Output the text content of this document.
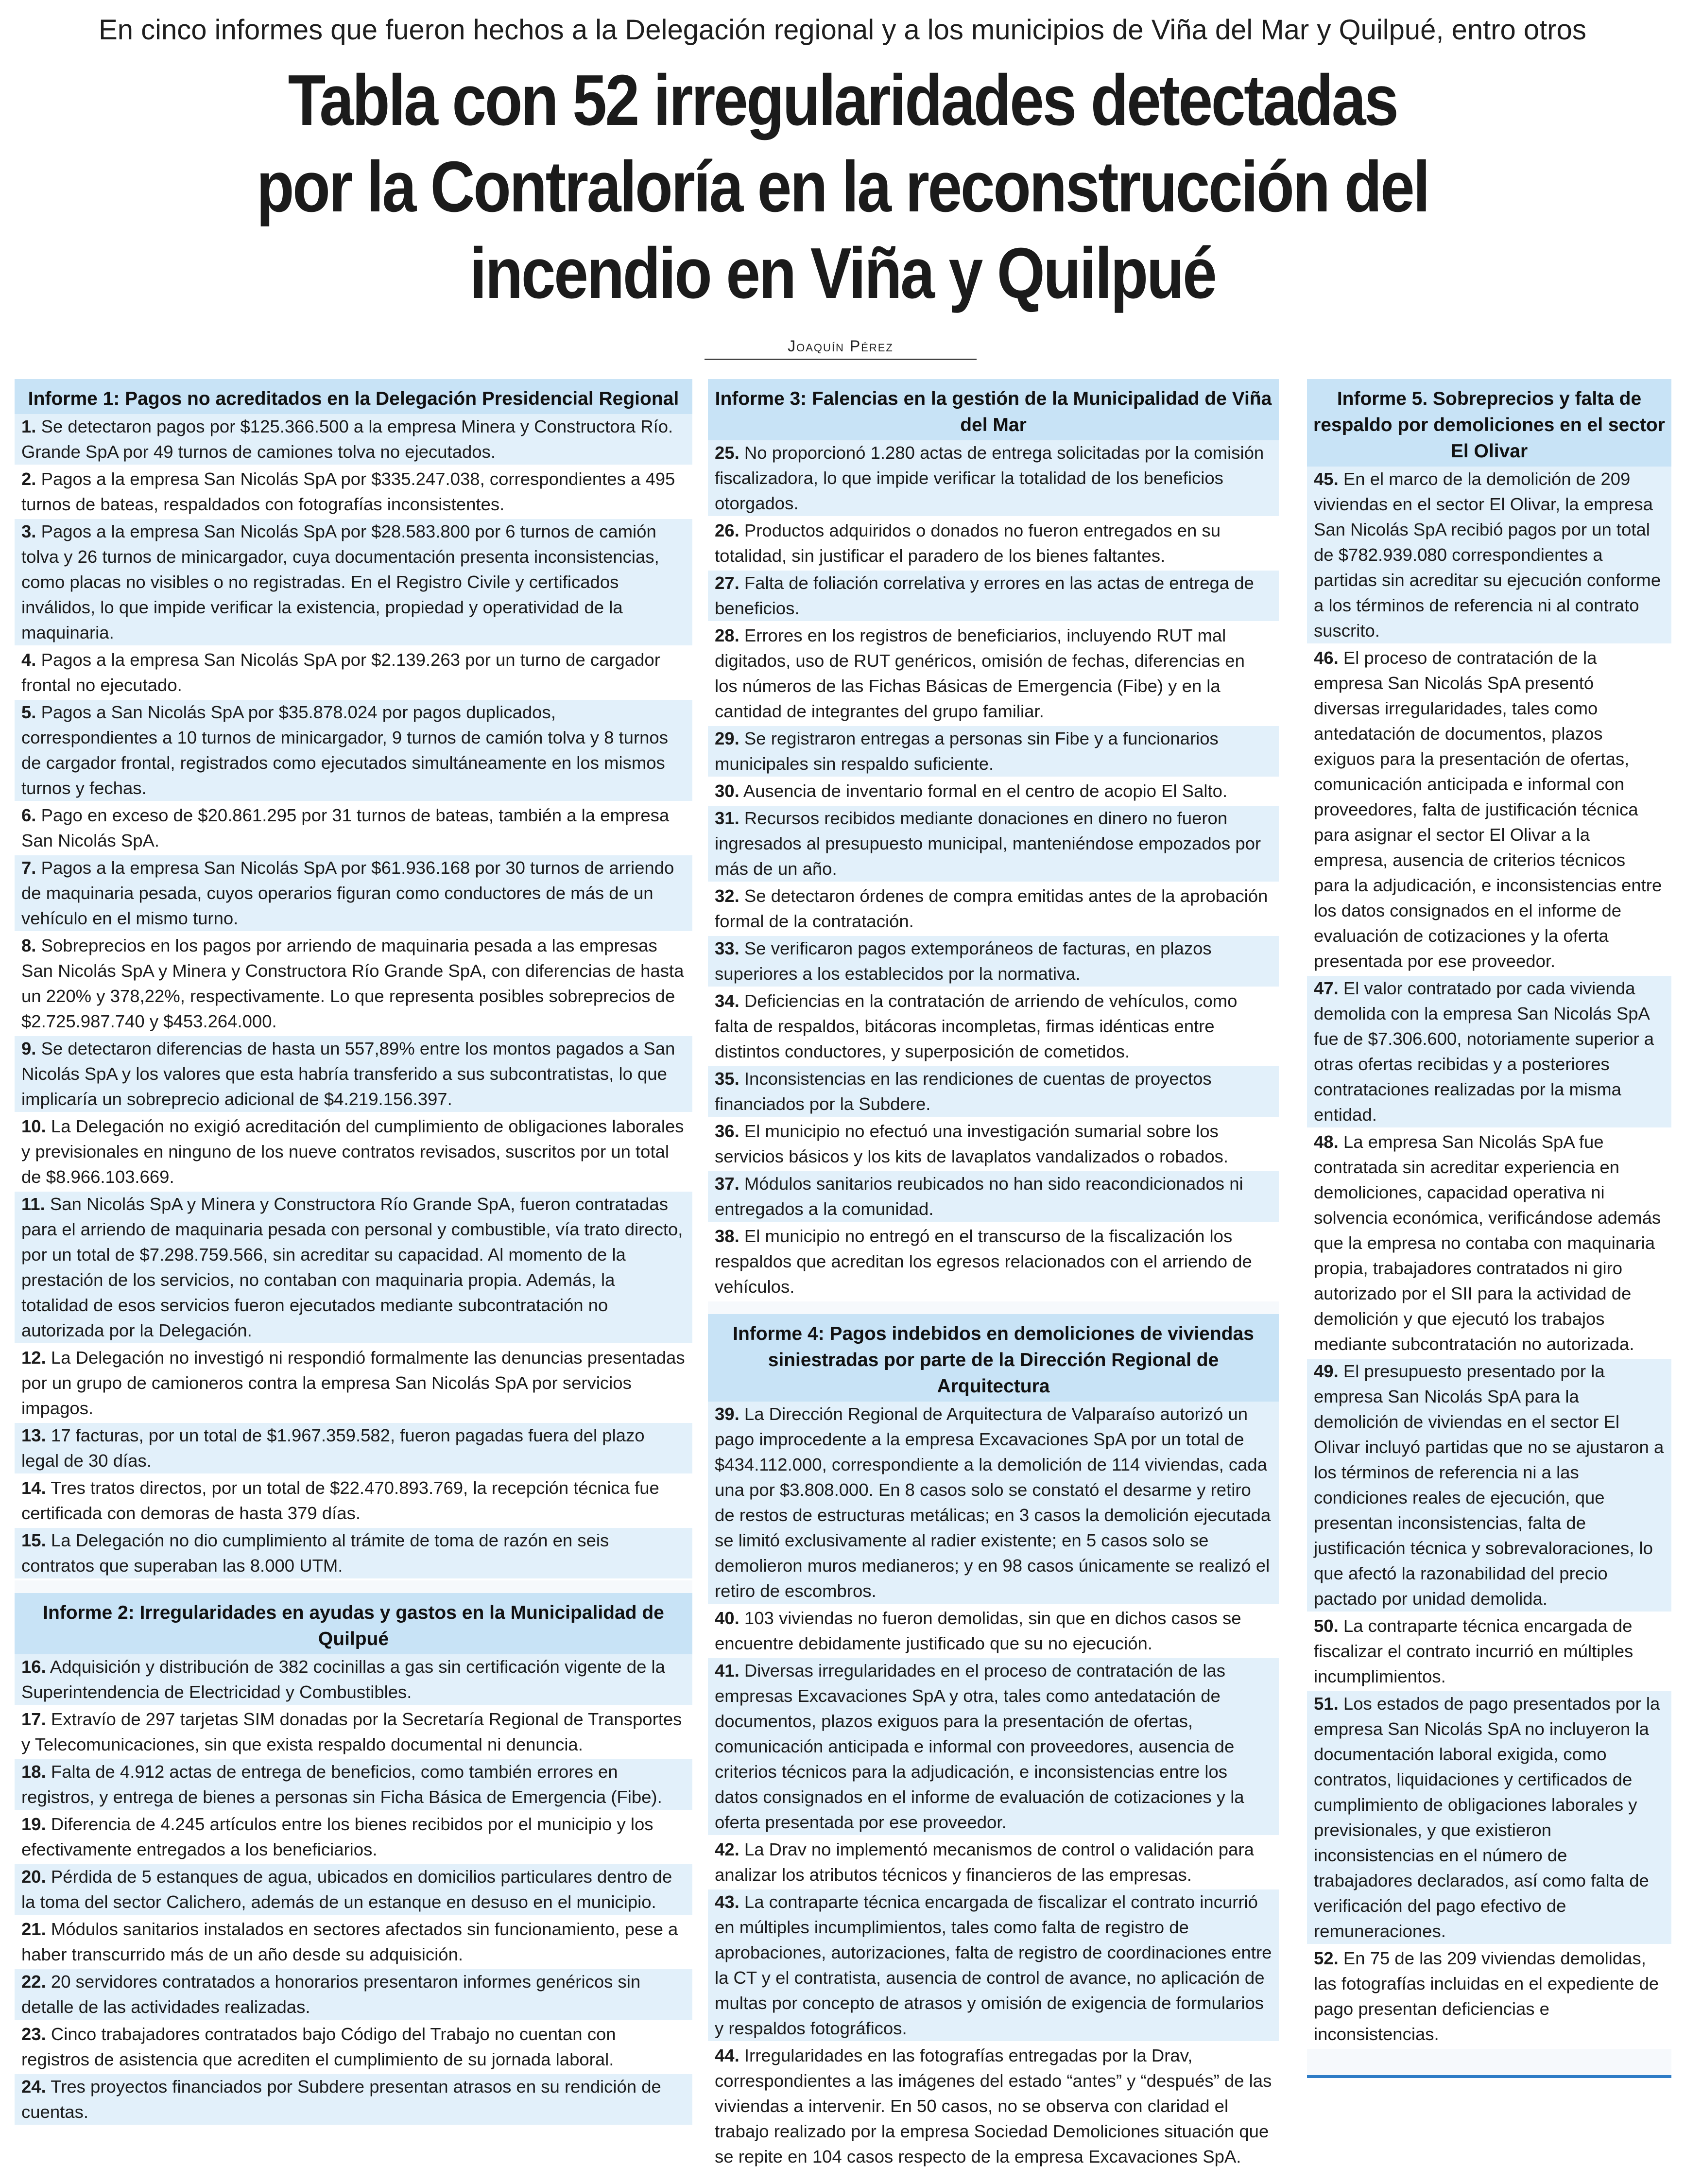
En cinco informes que fueron hechos a la Delegación regional y a los municipios de Viña del Mar y Quilpué, entro otros
Tabla con 52 irregularidades detectadas
por la Contraloría en la reconstrucción del
incendio en Viña y Quilpué
Joaquín Pérez
Informe 1: Pagos no acreditados en la Delegación Presidencial Regional

1. Se detectaron pagos por $125.366.500 a la empresa Minera y Constructora Río. Grande SpA por 49 turnos de camiones tolva no ejecutados.

2. Pagos a la empresa San Nicolás SpA por $335.247.038, correspondientes a 495 turnos de bateas, respaldados con fotografías inconsistentes.

3. Pagos a la empresa San Nicolás SpA por $28.583.800 por 6 turnos de camión tolva y 26 turnos de minicargador, cuya documentación presenta inconsistencias, como placas no visibles o no registradas. En el Registro Civile y certificados inválidos, lo que impide verificar la existencia, propiedad y operatividad de la maquinaria.

4. Pagos a la empresa San Nicolás SpA por $2.139.263 por un turno de cargador frontal no ejecutado.

5. Pagos a San Nicolás SpA por $35.878.024 por pagos duplicados, correspondientes a 10 turnos de minicargador, 9 turnos de camión tolva y 8 turnos de cargador frontal, registrados como ejecutados simultáneamente en los mismos turnos y fechas.

6. Pago en exceso de $20.861.295 por 31 turnos de bateas, también a la empresa San Nicolás SpA.

7. Pagos a la empresa San Nicolás SpA por $61.936.168 por 30 turnos de arriendo de maquinaria pesada, cuyos operarios figuran como conductores de más de un vehículo en el mismo turno.

8. Sobreprecios en los pagos por arriendo de maquinaria pesada a las empresas San Nicolás SpA y Minera y Constructora Río Grande SpA, con diferencias de hasta un 220% y 378,22%, respectivamente. Lo que representa posibles sobreprecios de $2.725.987.740 y $453.264.000.

9. Se detectaron diferencias de hasta un 557,89% entre los montos pagados a San Nicolás SpA y los valores que esta habría transferido a sus subcontratistas, lo que implicaría un sobreprecio adicional de $4.219.156.397.

10. La Delegación no exigió acreditación del cumplimiento de obligaciones laborales y previsionales en ninguno de los nueve contratos revisados, suscritos por un total de $8.966.103.669.

11. San Nicolás SpA y Minera y Constructora Río Grande SpA, fueron contratadas para el arriendo de maquinaria pesada con personal y combustible, vía trato directo, por un total de $7.298.759.566, sin acreditar su capacidad. Al momento de la prestación de los servicios, no contaban con maquinaria propia. Además, la totalidad de esos servicios fueron ejecutados mediante subcontratación no autorizada por la Delegación.

12. La Delegación no investigó ni respondió formalmente las denuncias presentadas por un grupo de camioneros contra la empresa San Nicolás SpA por servicios impagos.

13. 17 facturas, por un total de $1.967.359.582, fueron pagadas fuera del plazo legal de 30 días.

14. Tres tratos directos, por un total de $22.470.893.769, la recepción técnica fue certificada con demoras de hasta 379 días.

15. La Delegación no dio cumplimiento al trámite de toma de razón en seis contratos que superaban las 8.000 UTM.

Informe 2: Irregularidades en ayudas y gastos en la Municipalidad de Quilpué

16. Adquisición y distribución de 382 cocinillas a gas sin certificación vigente de la Superintendencia de Electricidad y Combustibles.

17. Extravío de 297 tarjetas SIM donadas por la Secretaría Regional de Transportes y Telecomunicaciones, sin que exista respaldo documental ni denuncia.

18. Falta de 4.912 actas de entrega de beneficios, como también errores en registros, y entrega de bienes a personas sin Ficha Básica de Emergencia (Fibe).

19. Diferencia de 4.245 artículos entre los bienes recibidos por el municipio y los efectivamente entregados a los beneficiarios.

20. Pérdida de 5 estanques de agua, ubicados en domicilios particulares dentro de la toma del sector Calichero, además de un estanque en desuso en el municipio.

21. Módulos sanitarios instalados en sectores afectados sin funcionamiento, pese a haber transcurrido más de un año desde su adquisición.

22. 20 servidores contratados a honorarios presentaron informes genéricos sin detalle de las actividades realizadas.

23. Cinco trabajadores contratados bajo Código del Trabajo no cuentan con registros de asistencia que acrediten el cumplimiento de su jornada laboral.

24. Tres proyectos financiados por Subdere presentan atrasos en su rendición de cuentas.

Informe 3: Falencias en la gestión de la Municipalidad de Viña del Mar

25. No proporcionó 1.280 actas de entrega solicitadas por la comisión fiscalizadora, lo que impide verificar la totalidad de los beneficios otorgados.

26. Productos adquiridos o donados no fueron entregados en su totalidad, sin justificar el paradero de los bienes faltantes.

27. Falta de foliación correlativa y errores en las actas de entrega de beneficios.

28. Errores en los registros de beneficiarios, incluyendo RUT mal digitados, uso de RUT genéricos, omisión de fechas, diferencias en los números de las Fichas Básicas de Emergencia (Fibe) y en la cantidad de integrantes del grupo familiar.

29. Se registraron entregas a personas sin Fibe y a funcionarios municipales sin respaldo suficiente.

30. Ausencia de inventario formal en el centro de acopio El Salto.

31. Recursos recibidos mediante donaciones en dinero no fueron ingresados al presupuesto municipal, manteniéndose empozados por más de un año.

32. Se detectaron órdenes de compra emitidas antes de la aprobación formal de la contratación.

33. Se verificaron pagos extemporáneos de facturas, en plazos superiores a los establecidos por la normativa.

34. Deficiencias en la contratación de arriendo de vehículos, como falta de respaldos, bitácoras incompletas, firmas idénticas entre distintos conductores, y superposición de cometidos.

35. Inconsistencias en las rendiciones de cuentas de proyectos financiados por la Subdere.

36. El municipio no efectuó una investigación sumarial sobre los servicios básicos y los kits de lavaplatos vandalizados o robados.

37. Módulos sanitarios reubicados no han sido reacondicionados ni entregados a la comunidad.

38. El municipio no entregó en el transcurso de la fiscalización los respaldos que acreditan los egresos relacionados con el arriendo de vehículos.

Informe 4: Pagos indebidos en demoliciones de viviendas siniestradas por parte de la Dirección Regional de Arquitectura

39. La Dirección Regional de Arquitectura de Valparaíso autorizó un pago improcedente a la empresa Excavaciones SpA por un total de $434.112.000, correspondiente a la demolición de 114 viviendas, cada una por $3.808.000. En 8 casos solo se constató el desarme y retiro de restos de estructuras metálicas; en 3 casos la demolición ejecutada se limitó exclusivamente al radier existente; en 5 casos solo se demolieron muros medianeros; y en 98 casos únicamente se realizó el retiro de escombros.

40. 103 viviendas no fueron demolidas, sin que en dichos casos se encuentre debidamente justificado que su no ejecución.

41. Diversas irregularidades en el proceso de contratación de las empresas Excavaciones SpA y otra, tales como antedatación de documentos, plazos exiguos para la presentación de ofertas, comunicación anticipada e informal con proveedores, ausencia de criterios técnicos para la adjudicación, e inconsistencias entre los datos consignados en el informe de evaluación de cotizaciones y la oferta presentada por ese proveedor.

42. La Drav no implementó mecanismos de control o validación para analizar los atributos técnicos y financieros de las empresas.

43. La contraparte técnica encargada de fiscalizar el contrato incurrió en múltiples incumplimientos, tales como falta de registro de aprobaciones, autorizaciones, falta de registro de coordinaciones entre la CT y el contratista, ausencia de control de avance, no aplicación de multas por concepto de atrasos y omisión de exigencia de formularios y respaldos fotográficos.

44. Irregularidades en las fotografías entregadas por la Drav, correspondientes a las imágenes del estado “antes” y “después” de las viviendas a intervenir. En 50 casos, no se observa con claridad el trabajo realizado por la empresa Sociedad Demoliciones situación que se repite en 104 casos respecto de la empresa Excavaciones SpA.

Informe 5. Sobreprecios y falta de respaldo por demoliciones en el sector El Olivar

45. En el marco de la demolición de 209 viviendas en el sector El Olivar, la empresa San Nicolás SpA recibió pagos por un total de $782.939.080 correspondientes a partidas sin acreditar su ejecución conforme a los términos de referencia ni al contrato suscrito.

46. El proceso de contratación de la empresa San Nicolás SpA presentó diversas irregularidades, tales como antedatación de documentos, plazos exiguos para la presentación de ofertas, comunicación anticipada e informal con proveedores, falta de justificación técnica para asignar el sector El Olivar a la empresa, ausencia de criterios técnicos para la adjudicación, e inconsistencias entre los datos consignados en el informe de evaluación de cotizaciones y la oferta presentada por ese proveedor.

47. El valor contratado por cada vivienda demolida con la empresa San Nicolás SpA fue de $7.306.600, notoriamente superior a otras ofertas recibidas y a posteriores contrataciones realizadas por la misma entidad.

48. La empresa San Nicolás SpA fue contratada sin acreditar experiencia en demoliciones, capacidad operativa ni solvencia económica, verificándose además que la empresa no contaba con maquinaria propia, trabajadores contratados ni giro autorizado por el SII para la actividad de demolición y que ejecutó los trabajos mediante subcontratación no autorizada.

49. El presupuesto presentado por la empresa San Nicolás SpA para la demolición de viviendas en el sector El Olivar incluyó partidas que no se ajustaron a los términos de referencia ni a las condiciones reales de ejecución, que presentan inconsistencias, falta de justificación técnica y sobrevaloraciones, lo que afectó la razonabilidad del precio pactado por unidad demolida.

50. La contraparte técnica encargada de fiscalizar el contrato incurrió en múltiples incumplimientos.

51. Los estados de pago presentados por la empresa San Nicolás SpA no incluyeron la documentación laboral exigida, como contratos, liquidaciones y certificados de cumplimiento de obligaciones laborales y previsionales, y que existieron inconsistencias en el número de trabajadores declarados, así como falta de verificación del pago efectivo de remuneraciones.

52. En 75 de las 209 viviendas demolidas, las fotografías incluidas en el expediente de pago presentan deficiencias e inconsistencias.
